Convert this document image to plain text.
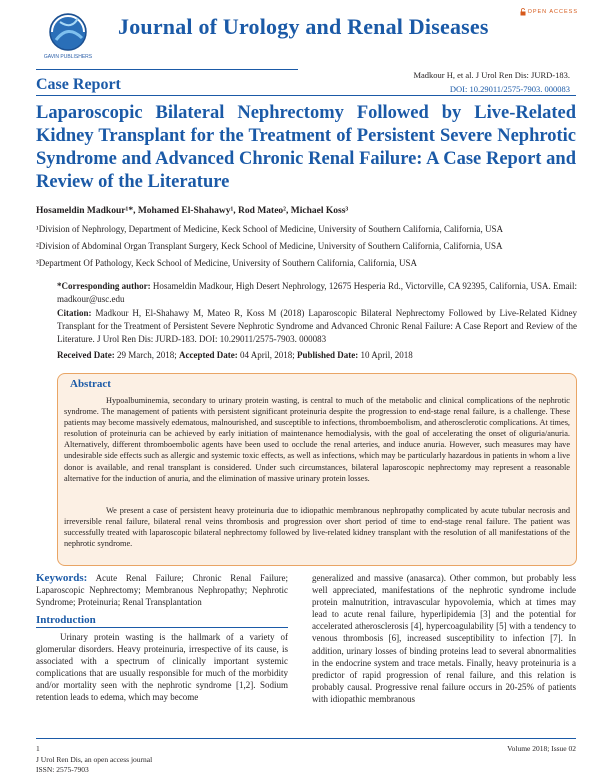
GAVIN PUBLISHERS
OPEN ACCESS
Journal of Urology and Renal Diseases
Case Report
Madkour H, et al. J Urol Ren Dis: JURD-183.
DOI: 10.29011/2575-7903. 000083
Laparoscopic Bilateral Nephrectomy Followed by Live-Related Kidney Transplant for the Treatment of Persistent Severe Nephrotic Syndrome and Advanced Chronic Renal Failure: A Case Report and Review of the Literature
Hosameldin Madkour¹*, Mohamed El-Shahawy¹, Rod Mateo², Michael Koss³
¹Division of Nephrology, Department of Medicine, Keck School of Medicine, University of Southern California, California, USA
²Division of Abdominal Organ Transplant Surgery, Keck School of Medicine, University of Southern California, California, USA
³Department Of Pathology, Keck School of Medicine, University of Southern California, California, USA
*Corresponding author: Hosameldin Madkour, High Desert Nephrology, 12675 Hesperia Rd., Victorville, CA 92395, California, USA. Email: madkour@usc.edu
Citation: Madkour H, El-Shahawy M, Mateo R, Koss M (2018) Laparoscopic Bilateral Nephrectomy Followed by Live-Related Kidney Transplant for the Treatment of Persistent Severe Nephrotic Syndrome and Advanced Chronic Renal Failure: A Case Report and Review of the Literature. J Urol Ren Dis: JURD-183. DOI: 10.29011/2575-7903. 000083
Received Date: 29 March, 2018; Accepted Date: 04 April, 2018; Published Date: 10 April, 2018
Abstract

Hypoalbuminemia, secondary to urinary protein wasting, is central to much of the metabolic and clinical complications of the nephrotic syndrome. The management of patients with persistent significant proteinuria despite the progression to end-stage renal failure, is a challenge. These patients may become massively edematous, malnourished, and susceptible to infections, thromboembolism, and atherosclerotic complications. At times, resolution of proteinuria can be achieved by early initiation of maintenance hemodialysis, with the goal of accelerating the onset of oliguria/anuria. Alternatively, different thromboembolic agents have been used to occlude the renal arteries, and induce anuria. However, such measures may have undesirable side effects such as allergic and systemic toxic effects, as well as infections, which may be particularly hazardous in patients in whom a live donor is available, and renal transplant is considered. Under such circumstances, bilateral laparoscopic nephrectomy may represent a reasonable alternative for the induction of anuria, and the elimination of massive urinary protein losses.

We present a case of persistent heavy proteinuria due to idiopathic membranous nephropathy complicated by acute tubular necrosis and irreversible renal failure, bilateral renal veins thrombosis and progression over short period of time to end-stage renal failure. The patient was successfully treated with laparoscopic bilateral nephrectomy followed by live-related kidney transplant with the resolution of all manifestations of the nephrotic syndrome.

Keywords: Acute Renal Failure; Chronic Renal Failure; Laparoscopic Nephrectomy; Membranous Nephropathy; Nephrotic Syndrome; Proteinuria; Renal Transplantation
Introduction
Urinary protein wasting is the hallmark of a variety of glomerular disorders. Heavy proteinuria, irrespective of its cause, is associated with a spectrum of clinically important systemic complications that are usually responsible for much of the morbidity and/or mortality seen with the nephrotic syndrome [1,2]. Sodium retention leads to edema, which may become
generalized and massive (anasarca). Other common, but probably less well appreciated, manifestations of the nephrotic syndrome include protein malnutrition, intravascular hypovolemia, which at times may lead to acute renal failure, hyperlipidemia [3] and the potential for accelerated atherosclerosis [4], hypercoagulability [5] with a tendency to venous thrombosis [6], increased susceptibility to infection [7]. In addition, urinary losses of binding proteins lead to several abnormalities in the endocrine system and trace metals. Finally, heavy proteinuria is a predictor of rapid progression of renal failure, and this relation is probably causal. Progressive renal failure occurs in 20-25% of patients with idiopathic membranous
1
J Urol Ren Dis, an open access journal
ISSN: 2575-7903
Volume 2018; Issue 02
